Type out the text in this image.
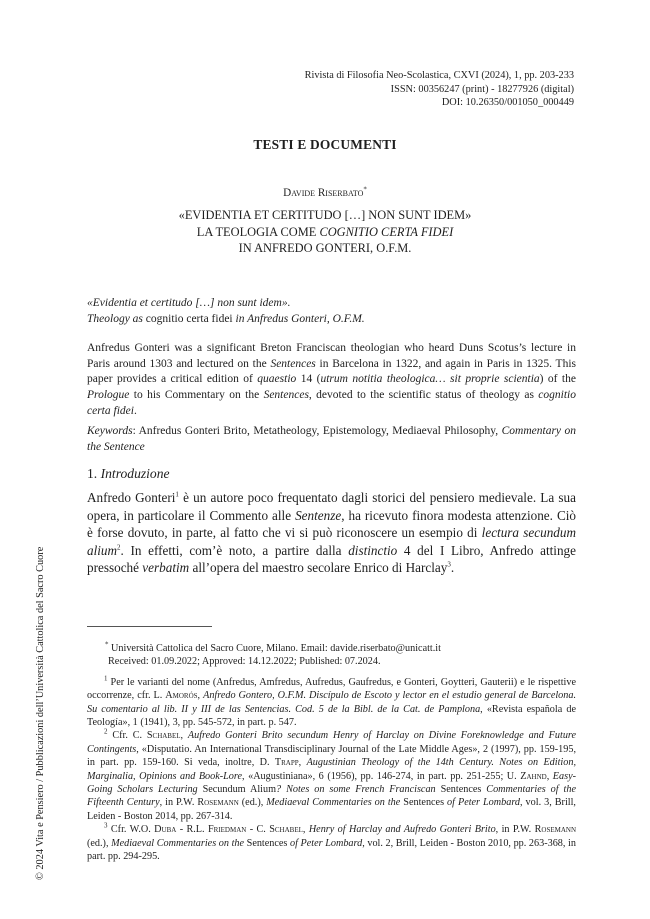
Rivista di Filosofia Neo-Scolastica, CXVI (2024), 1, pp. 203-233
ISSN: 00356247 (print) - 18277926 (digital)
DOI: 10.26350/001050_000449
TESTI E DOCUMENTI
Davide Riserbato*
«EVIDENTIA ET CERTITUDO […] NON SUNT IDEM»
LA TEOLOGIA COME COGNITIO CERTA FIDEI
IN ANFREDO GONTERI, O.F.M.

«Evidentia et certitudo […] non sunt idem».
Theology as cognitio certa fidei in Anfredus Gonteri, O.F.M.

Anfredus Gonteri was a significant Breton Franciscan theologian who heard Duns Scotus’s lecture in Paris around 1303 and lectured on the Sentences in Barcelona in 1322, and again in Paris in 1325. This paper provides a critical edition of quaestio 14 (utrum notitia theologica… sit proprie scientia) of the Prologue to his Commentary on the Sentences, devoted to the scientific status of theology as cognitio certa fidei.

Keywords: Anfredus Gonteri Brito, Metatheology, Epistemology, Mediaeval Philosophy, Commentary on the Sentence

1. Introduzione
Anfredo Gonteri$^1$ è un autore poco frequentato dagli storici del pensiero medievale. La sua opera, in particolare il Commento alle Sentenze, ha ricevuto finora modesta attenzione. Ciò è forse dovuto, in parte, al fatto che vi si può riconoscere un esempio di lectura secundum alium$^2$. In effetti, com’è noto, a partire dalla distinctio 4 del I Libro, Anfredo attinge pressoché verbatim all’opera del maestro secolare Enrico di Harclay$^3$.

* Università Cattolica del Sacro Cuore, Milano. Email: davide.riserbato@unicatt.it

Received: 01.09.2022; Approved: 14.12.2022; Published: 07.2024.

$^1$ Per le varianti del nome (Anfredus, Amfredus, Aufredus, Gaufredus, e Gonteri, Goytteri, Gauterii) e le rispettive occorrenze, cfr. L. Amorós, Anfredo Gontero, O.F.M. Discípulo de Escoto y lector en el estudio general de Barcelona. Su comentario al lib. II y III de las Sentencias. Cod. 5 de la Bibl. de la Cat. de Pamplona, «Revista española de Teología», 1 (1941), 3, pp. 545-572, in part. p. 547.

$^2$ Cfr. C. Schabel, Aufredo Gonteri Brito secundum Henry of Harclay on Divine Foreknowledge and Future Contingents, «Disputatio. An International Transdisciplinary Journal of the Late Middle Ages», 2 (1997), pp. 159-195, in part. pp. 159-160. Si veda, inoltre, D. Trapp, Augustinian Theology of the 14th Century. Notes on Edition, Marginalia, Opinions and Book-Lore, «Augustiniana», 6 (1956), pp. 146-274, in part. pp. 251-255; U. Zahnd, Easy-Going Scholars Lecturing Secundum Alium? Notes on some French Franciscan Sentences Commentaries of the Fifteenth Century, in P.W. Rosemann (ed.), Mediaeval Commentaries on the Sentences of Peter Lombard, vol. 3, Brill, Leiden - Boston 2014, pp. 267-314.

$^3$ Cfr. W.O. Duba - R.L. Friedman - C. Schabel, Henry of Harclay and Aufredo Gonteri Brito, in P.W. Rosemann (ed.), Mediaeval Commentaries on the Sentences of Peter Lombard, vol. 2, Brill, Leiden - Boston 2010, pp. 263-368, in part. pp. 294-295.

© 2024 Vita e Pensiero / Pubblicazioni dell’Università Cattolica del Sacro Cuore
